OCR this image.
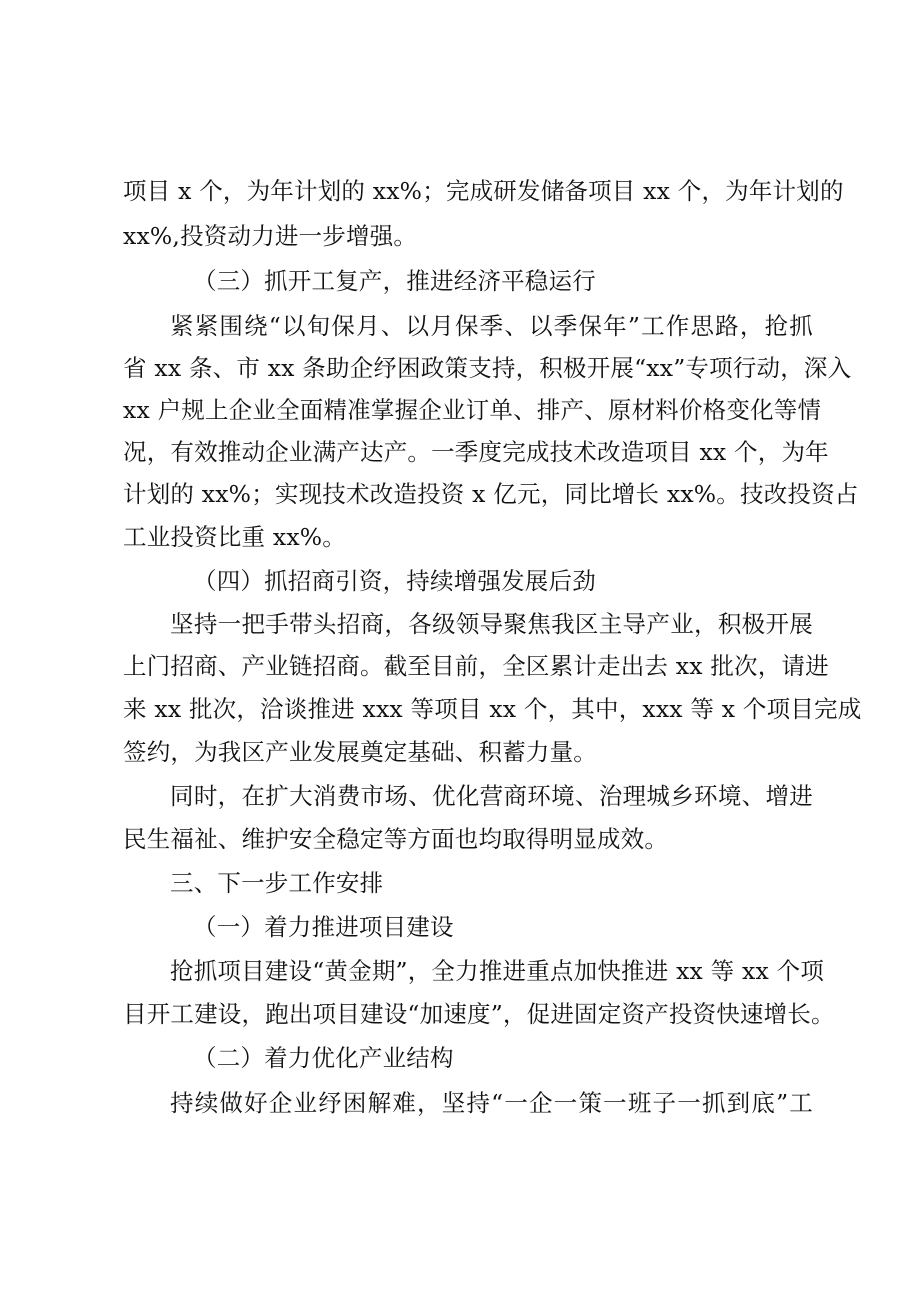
项目 x 个，为年计划的 xx%；完成研发储备项目 xx 个，为年计划的

xx%,投资动力进一步增强。

（三）抓开工复产，推进经济平稳运行

紧紧围绕“以旬保月、以月保季、以季保年”工作思路，抢抓

省 xx 条、市 xx 条助企纾困政策支持，积极开展“xx”专项行动，深入

xx 户规上企业全面精准掌握企业订单、排产、原材料价格变化等情

况，有效推动企业满产达产。一季度完成技术改造项目 xx 个，为年

计划的 xx%；实现技术改造投资 x 亿元，同比增长 xx%。技改投资占

工业投资比重 xx%。

（四）抓招商引资，持续增强发展后劲

坚持一把手带头招商，各级领导聚焦我区主导产业，积极开展

上门招商、产业链招商。截至目前，全区累计走出去 xx 批次，请进

来 xx 批次，洽谈推进 xxx 等项目 xx 个，其中，xxx 等 x 个项目完成

签约，为我区产业发展奠定基础、积蓄力量。

同时，在扩大消费市场、优化营商环境、治理城乡环境、增进

民生福祉、维护安全稳定等方面也均取得明显成效。

三、下一步工作安排

（一）着力推进项目建设

抢抓项目建设“黄金期”，全力推进重点加快推进 xx 等 xx 个项

目开工建设，跑出项目建设“加速度”，促进固定资产投资快速增长。

（二）着力优化产业结构

持续做好企业纾困解难，坚持“一企一策一班子一抓到底”工
